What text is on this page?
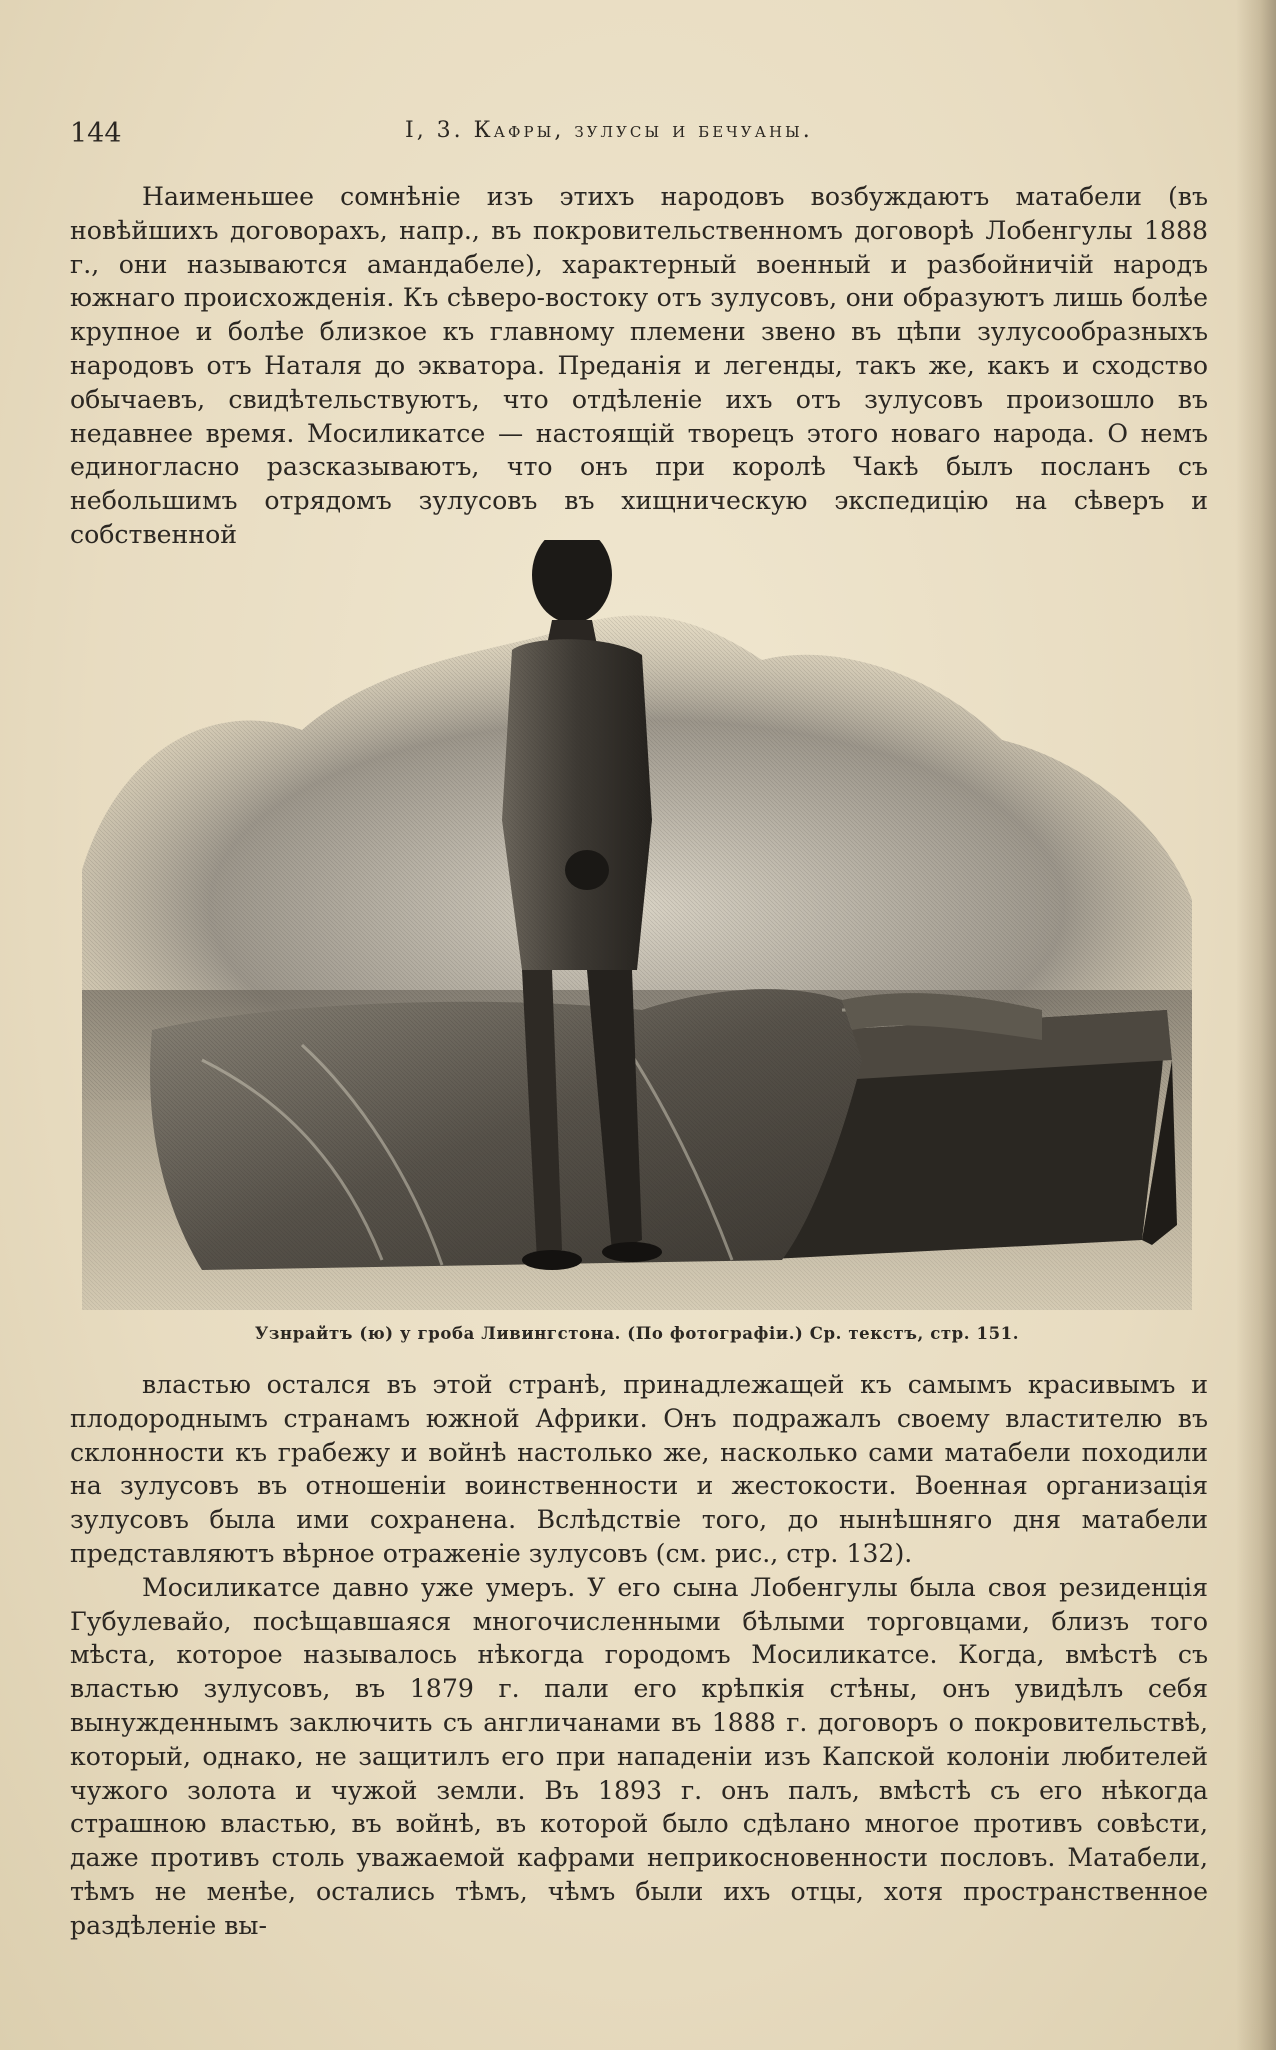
144	I, 3. Кафры, зулусы и бечуаны.

Наименьшее сомнѣніе изъ этихъ народовъ возбуждаютъ матабели (въ новѣйшихъ договорахъ, напр., въ покровительственномъ договорѣ Лобенгулы 1888 г., они называются амандабеле), характерный военный и разбойничій народъ южнаго происхожденія. Къ сѣверо-востоку отъ зулусовъ, они образуютъ лишь болѣе крупное и болѣе близкое къ главному племени звено въ цѣпи зулусообразныхъ народовъ отъ Наталя до экватора. Преданія и легенды, такъ же, какъ и сходство обычаевъ, свидѣтельствуютъ, что отдѣленіе ихъ отъ зулусовъ произошло въ недавнее время. Мосиликатсе — настоящій творецъ этого новаго народа. О немъ единогласно разсказываютъ, что онъ при королѣ Чакѣ былъ посланъ съ небольшимъ отрядомъ зулусовъ въ хищническую экспедицію на сѣверъ и собственной

Узнрайтъ (ю) у гроба Ливингстона. (По фотографіи.) Ср. текстъ, стр. 151.

властью остался въ этой странѣ, принадлежащей къ самымъ красивымъ и плодороднымъ странамъ южной Африки. Онъ подражалъ своему властителю въ склонности къ грабежу и войнѣ настолько же, насколько сами матабели походили на зулусовъ въ отношеніи воинственности и жестокости. Военная организація зулусовъ была ими сохранена. Вслѣдствіе того, до нынѣшняго дня матабели представляютъ вѣрное отраженіе зулусовъ (см. рис., стр. 132).

Мосиликатсе давно уже умеръ. У его сына Лобенгулы была своя резиденція Губулевайо, посѣщавшаяся многочисленными бѣлыми торговцами, близъ того мѣста, которое называлось нѣкогда городомъ Мосиликатсе. Когда, вмѣстѣ съ властью зулусовъ, въ 1879 г. пали его крѣпкія стѣны, онъ увидѣлъ себя вынужденнымъ заключить съ англичанами въ 1888 г. договоръ о покровительствѣ, который, однако, не защитилъ его при нападеніи изъ Капской колоніи любителей чужого золота и чужой земли. Въ 1893 г. онъ палъ, вмѣстѣ съ его нѣкогда страшною властью, въ войнѣ, въ которой было сдѣлано многое противъ совѣсти, даже противъ столь уважаемой кафрами неприкосновенности пословъ. Матабели, тѣмъ не менѣе, остались тѣмъ, чѣмъ были ихъ отцы, хотя пространственное раздѣленіе вы-
